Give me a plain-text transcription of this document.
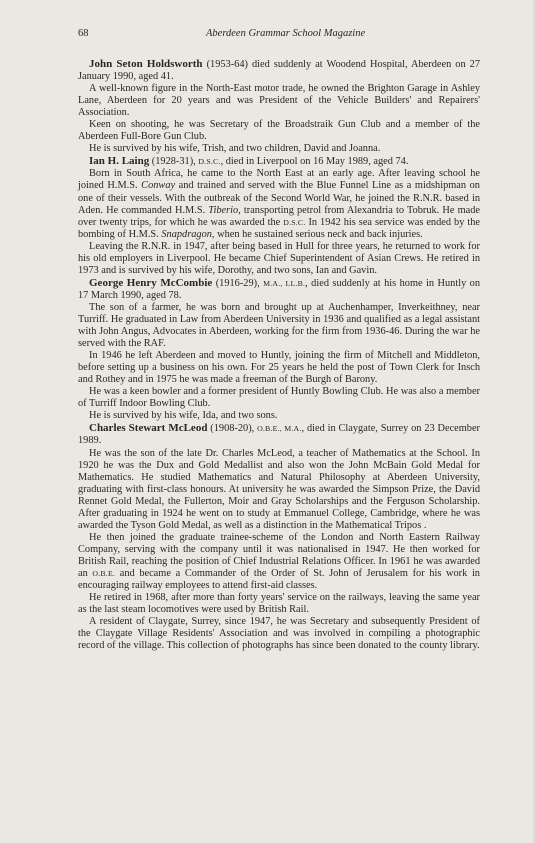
68	Aberdeen Grammar School Magazine

John Seton Holdsworth (1953-64) died suddenly at Woodend Hospital, Aberdeen on 27 January 1990, aged 41.

A well-known figure in the North-East motor trade, he owned the Brighton Garage in Ashley Lane, Aberdeen for 20 years and was President of the Vehicle Builders' and Repairers' Association.

Keen on shooting, he was Secretary of the Broadstraik Gun Club and a member of the Aberdeen Full-Bore Gun Club.

He is survived by his wife, Trish, and two children, David and Joanna.

Ian H. Laing (1928-31), D.S.C., died in Liverpool on 16 May 1989, aged 74.

Born in South Africa, he came to the North East at an early age. After leaving school he joined H.M.S. Conway and trained and served with the Blue Funnel Line as a midshipman on one of their vessels. With the outbreak of the Second World War, he joined the R.N.R. based in Aden. He commanded H.M.S. Tiberio, transporting petrol from Alexandria to Tobruk. He made over twenty trips, for which he was awarded the D.S.C. In 1942 his sea service was ended by the bombing of H.M.S. Snapdragon, when he sustained serious neck and back injuries.

Leaving the R.N.R. in 1947, after being based in Hull for three years, he returned to work for his old employers in Liverpool. He became Chief Superintendent of Asian Crews. He retired in 1973 and is survived by his wife, Dorothy, and two sons, Ian and Gavin.

George Henry McCombie (1916-29), M.A., LL.B., died suddenly at his home in Huntly on 17 March 1990, aged 78.

The son of a farmer, he was born and brought up at Auchenhamper, Inverkeithney, near Turriff. He graduated in Law from Aberdeen University in 1936 and qualified as a legal assistant with John Angus, Advocates in Aberdeen, working for the firm from 1936-46. During the war he served with the RAF.

In 1946 he left Aberdeen and moved to Huntly, joining the firm of Mitchell and Middleton, before setting up a business on his own. For 25 years he held the post of Town Clerk for Insch and Rothey and in 1975 he was made a freeman of the Burgh of Barony.

He was a keen bowler and a former president of Huntly Bowling Club. He was also a member of Turriff Indoor Bowling Club.

He is survived by his wife, Ida, and two sons.

Charles Stewart McLeod (1908-20), O.B.E., M.A., died in Claygate, Surrey on 23 December 1989.

He was the son of the late Dr. Charles McLeod, a teacher of Mathematics at the School. In 1920 he was the Dux and Gold Medallist and also won the John McBain Gold Medal for Mathematics. He studied Mathematics and Natural Philosophy at Aberdeen University, graduating with first-class honours. At university he was awarded the Simpson Prize, the David Rennet Gold Medal, the Fullerton, Moir and Gray Scholarships and the Ferguson Scholarship. After graduating in 1924 he went on to study at Emmanuel College, Cambridge, where he was awarded the Tyson Gold Medal, as well as a distinction in the Mathematical Tripos .

He then joined the graduate trainee-scheme of the London and North Eastern Railway Company, serving with the company until it was nationalised in 1947. He then worked for British Rail, reaching the position of Chief Industrial Relations Officer. In 1961 he was awarded an O.B.E. and became a Commander of the Order of St. John of Jerusalem for his work in encouraging railway employees to attend first-aid classes.

He retired in 1968, after more than forty years' service on the railways, leaving the same year as the last steam locomotives were used by British Rail.

A resident of Claygate, Surrey, since 1947, he was Secretary and subsequently President of the Claygate Village Residents' Association and was involved in compiling a photographic record of the village. This collection of photographs has since been donated to the county library.
